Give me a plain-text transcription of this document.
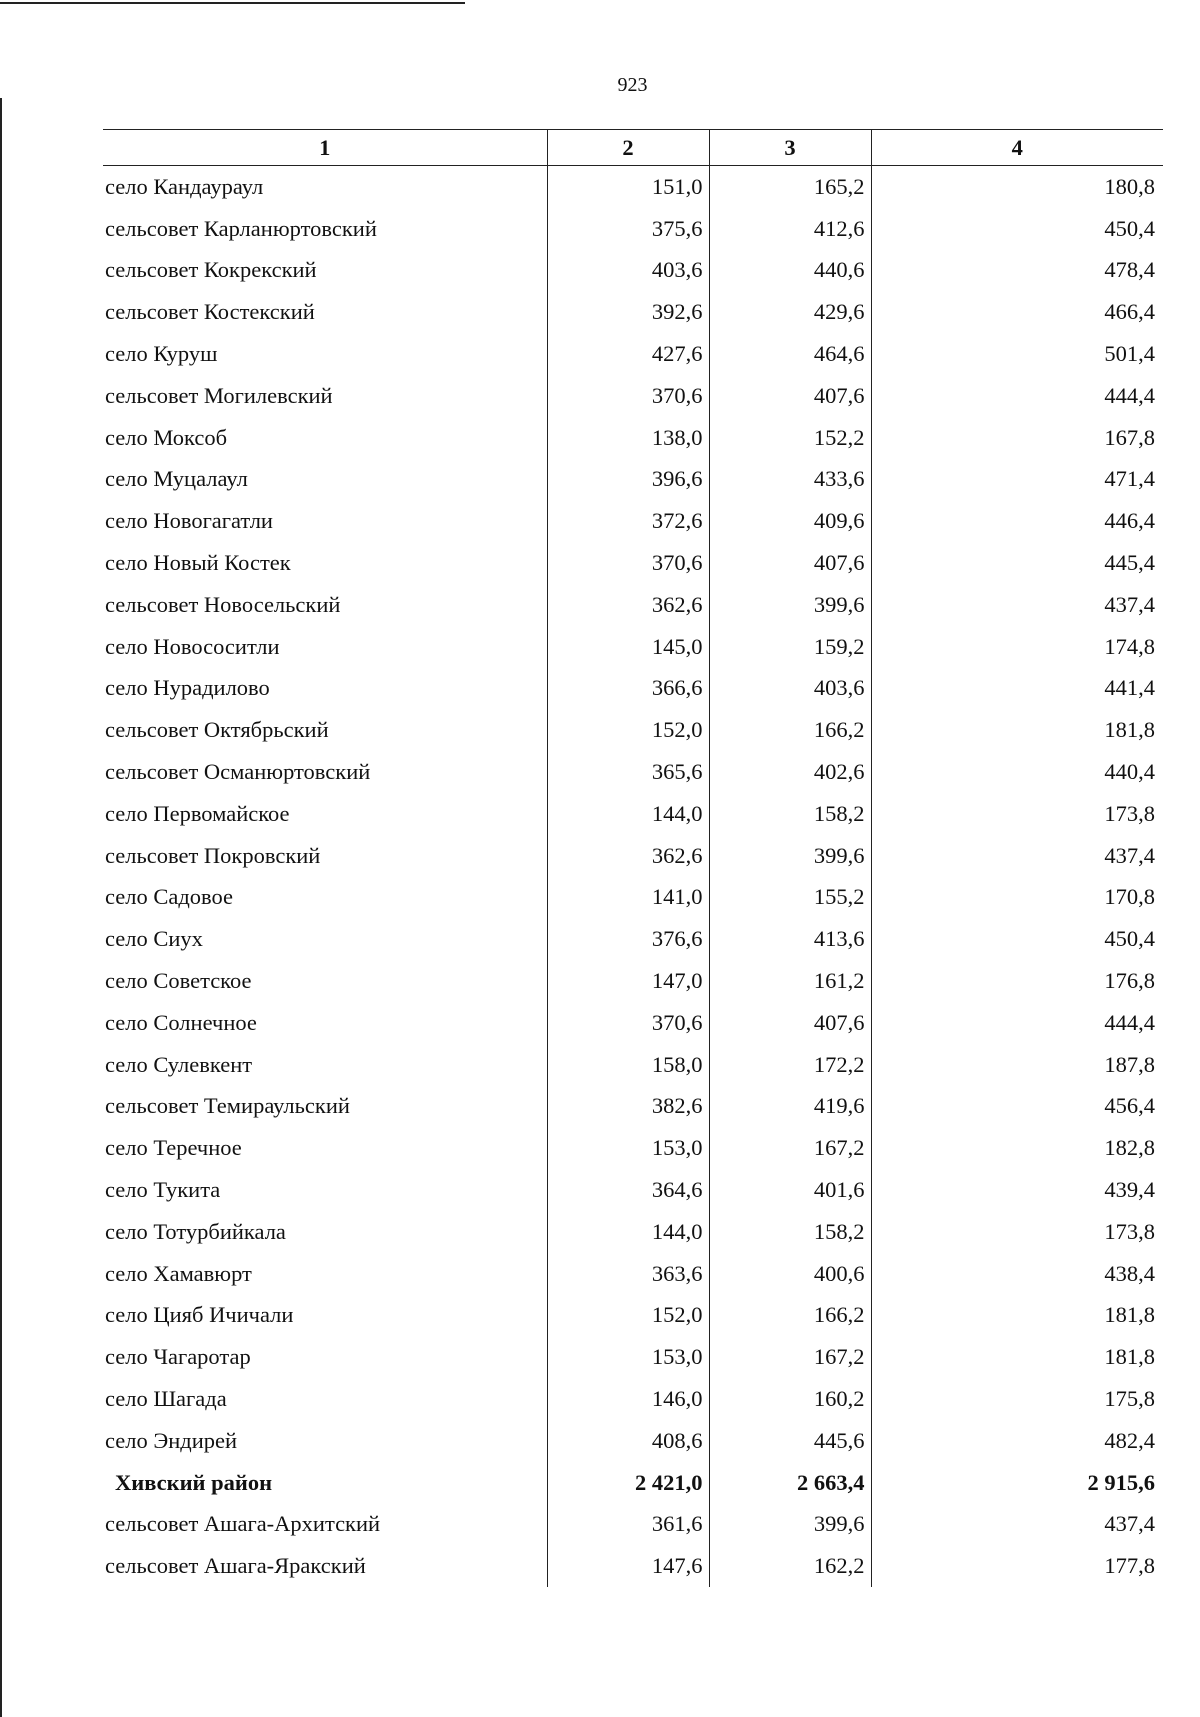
923
1	2	3	4
село Кандаураул	151,0	165,2	180,8
сельсовет Карланюртовский	375,6	412,6	450,4
сельсовет Кокрекский	403,6	440,6	478,4
сельсовет Костекский	392,6	429,6	466,4
село Куруш	427,6	464,6	501,4
сельсовет Могилевский	370,6	407,6	444,4
село Моксоб	138,0	152,2	167,8
село Муцалаул	396,6	433,6	471,4
село Новогагатли	372,6	409,6	446,4
село Новый Костек	370,6	407,6	445,4
сельсовет Новосельский	362,6	399,6	437,4
село Новососитли	145,0	159,2	174,8
село Нурадилово	366,6	403,6	441,4
сельсовет Октябрьский	152,0	166,2	181,8
сельсовет Османюртовский	365,6	402,6	440,4
село Первомайское	144,0	158,2	173,8
сельсовет Покровский	362,6	399,6	437,4
село Садовое	141,0	155,2	170,8
село Сиух	376,6	413,6	450,4
село Советское	147,0	161,2	176,8
село Солнечное	370,6	407,6	444,4
село Сулевкент	158,0	172,2	187,8
сельсовет Темираульский	382,6	419,6	456,4
село Теречное	153,0	167,2	182,8
село Тукита	364,6	401,6	439,4
село Тотурбийкала	144,0	158,2	173,8
село Хамавюрт	363,6	400,6	438,4
село Цияб Ичичали	152,0	166,2	181,8
село Чагаротар	153,0	167,2	181,8
село Шагада	146,0	160,2	175,8
село Эндирей	408,6	445,6	482,4
Хивский район	2 421,0	2 663,4	2 915,6
сельсовет Ашага-Архитский	361,6	399,6	437,4
сельсовет Ашага-Яракский	147,6	162,2	177,8
